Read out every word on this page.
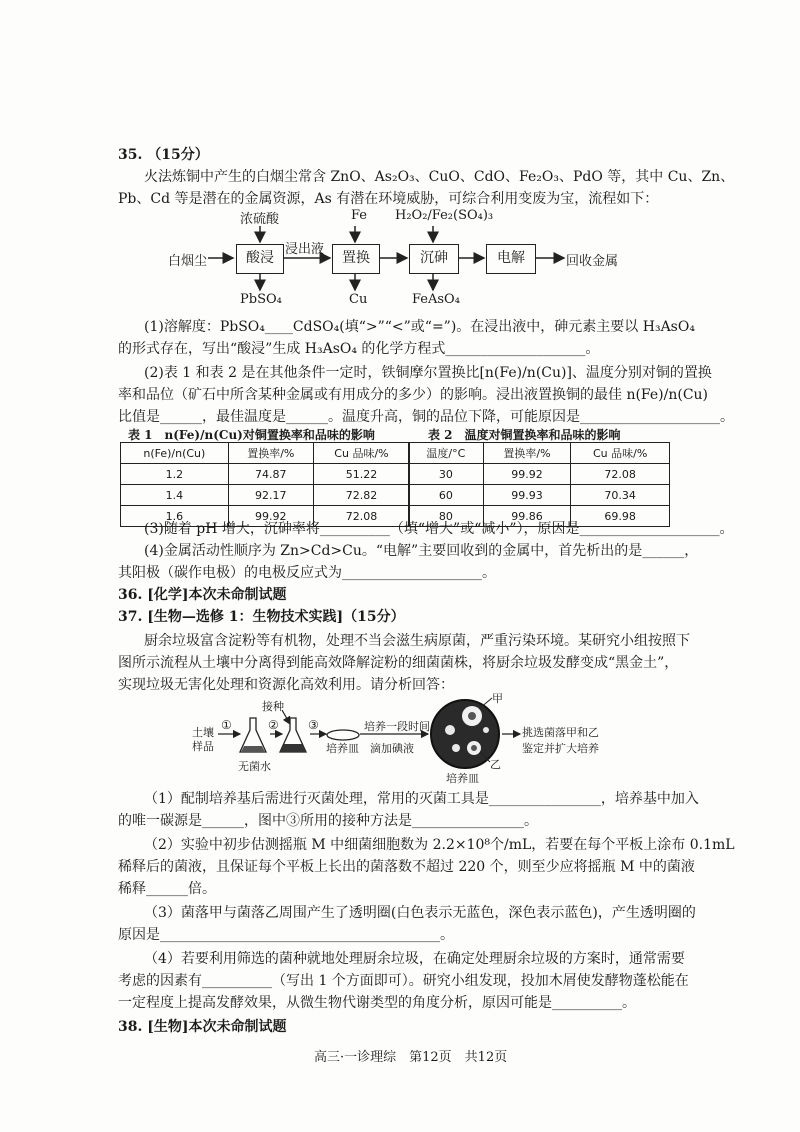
35. （15分）
火法炼铜中产生的白烟尘常含 ZnO、As₂O₃、CuO、CdO、Fe₂O₃、PdO 等，其中 Cu、Zn、
Pb、Cd 等是潜在的金属资源，As 有潜在环境威胁，可综合利用变废为宝，流程如下：
白烟尘
浓硫酸
酸浸
浸出液
Fe
置换
H₂O₂/Fe₂(SO₄)₃
沉砷	电解	回收金属
PbSO₄	Cu	FeAsO₄
(1)溶解度：PbSO₄____CdSO₄(填“>”“<”或“=”)。在浸出液中，砷元素主要以 H₃AsO₄
的形式存在，写出“酸浸”生成 H₃AsO₄ 的化学方程式____________________。
(2)表 1 和表 2 是在其他条件一定时，铁铜摩尔置换比[n(Fe)/n(Cu)]、温度分别对铜的置换
率和品位（矿石中所含某种金属或有用成分的多少）的影响。浸出液置换铜的最佳 n(Fe)/n(Cu)
比值是______，最佳温度是______。温度升高，铜的品位下降，可能原因是____________________。
表 1　n(Fe)/n(Cu)对铜置换率和品味的影响
n(Fe)/n(Cu)	置换率/%	Cu 品味/%
1.2	74.87	51.22
1.4	92.17	72.82
1.6	99.92	72.08
表 2　温度对铜置换率和品味的影响
温度/°C	置换率/%	Cu 品味/%
30	99.92	72.08
60	99.93	70.34
80	99.86	69.98
(3)随着 pH 增大，沉砷率将__________（填“增大”或“减小”），原因是____________________。
(4)金属活动性顺序为 Zn>Cd>Cu。“电解”主要回收到的金属中，首先析出的是______，
其阳极（碳作电极）的电极反应式为____________________。
36. [化学]本次未命制试题
37. [生物—选修 1：生物技术实践]（15分）
厨余垃圾富含淀粉等有机物，处理不当会滋生病原菌，严重污染环境。某研究小组按照下
图所示流程从土壤中分离得到能高效降解淀粉的细菌菌株，将厨余垃圾发酵变成“黑金土”，
实现垃圾无害化处理和资源化高效利用。请分析回答：
土壤
样品
①	② ③
接种
无菌水
培养皿
培养一段时间
滴加碘液
培养皿
甲
乙
挑选菌落甲和乙
鉴定并扩大培养
（1）配制培养基后需进行灭菌处理，常用的灭菌工具是________________，培养基中加入
的唯一碳源是______，图中③所用的接种方法是________________。
（2）实验中初步估测摇瓶 M 中细菌细胞数为 2.2×10⁸个/mL，若要在每个平板上涂布 0.1mL
稀释后的菌液，且保证每个平板上长出的菌落数不超过 220 个，则至少应将摇瓶 M 中的菌液
稀释______倍。
（3）菌落甲与菌落乙周围产生了透明圈(白色表示无蓝色，深色表示蓝色)，产生透明圈的
原因是________________________________________。
（4）若要利用筛选的菌种就地处理厨余垃圾，在确定处理厨余垃圾的方案时，通常需要
考虑的因素有__________（写出 1 个方面即可）。研究小组发现，投加木屑使发酵物蓬松能在
一定程度上提高发酵效果，从微生物代谢类型的角度分析，原因可能是__________。
38. [生物]本次未命制试题
高三·一诊理综　第12页　共12页
